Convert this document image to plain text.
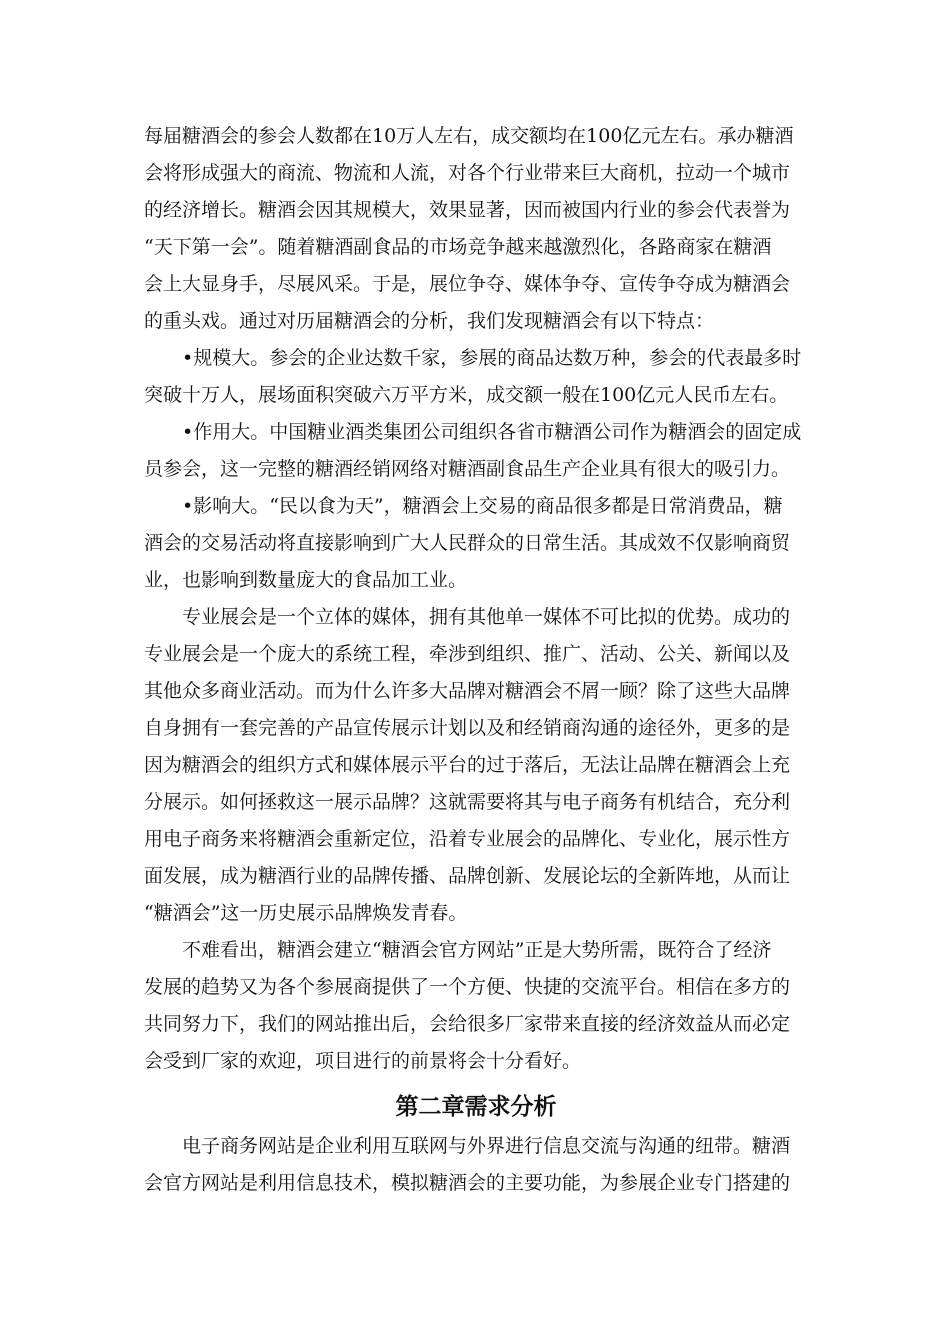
每届糖酒会的参会人数都在10万人左右，成交额均在100亿元左右。承办糖酒
会将形成强大的商流、物流和人流，对各个行业带来巨大商机，拉动一个城市
的经济增长。糖酒会因其规模大，效果显著，因而被国内行业的参会代表誉为
“天下第一会”。随着糖酒副食品的市场竞争越来越激烈化，各路商家在糖酒
会上大显身手，尽展风采。于是，展位争夺、媒体争夺、宣传争夺成为糖酒会
的重头戏。通过对历届糖酒会的分析，我们发现糖酒会有以下特点：

•规模大。参会的企业达数千家，参展的商品达数万种，参会的代表最多时
突破十万人，展场面积突破六万平方米，成交额一般在100亿元人民币左右。

•作用大。中国糖业酒类集团公司组织各省市糖酒公司作为糖酒会的固定成
员参会，这一完整的糖酒经销网络对糖酒副食品生产企业具有很大的吸引力。

•影响大。“民以食为天”，糖酒会上交易的商品很多都是日常消费品，糖
酒会的交易活动将直接影响到广大人民群众的日常生活。其成效不仅影响商贸
业，也影响到数量庞大的食品加工业。

专业展会是一个立体的媒体，拥有其他单一媒体不可比拟的优势。成功的
专业展会是一个庞大的系统工程，牵涉到组织、推广、活动、公关、新闻以及
其他众多商业活动。而为什么许多大品牌对糖酒会不屑一顾？除了这些大品牌
自身拥有一套完善的产品宣传展示计划以及和经销商沟通的途径外，更多的是
因为糖酒会的组织方式和媒体展示平台的过于落后，无法让品牌在糖酒会上充
分展示。如何拯救这一展示品牌？这就需要将其与电子商务有机结合，充分利
用电子商务来将糖酒会重新定位，沿着专业展会的品牌化、专业化，展示性方
面发展，成为糖酒行业的品牌传播、品牌创新、发展论坛的全新阵地，从而让
“糖酒会”这一历史展示品牌焕发青春。

不难看出，糖酒会建立“糖酒会官方网站”正是大势所需，既符合了经济
发展的趋势又为各个参展商提供了一个方便、快捷的交流平台。相信在多方的
共同努力下，我们的网站推出后，会给很多厂家带来直接的经济效益从而必定
会受到厂家的欢迎，项目进行的前景将会十分看好。

第二章需求分析

电子商务网站是企业利用互联网与外界进行信息交流与沟通的纽带。糖酒
会官方网站是利用信息技术，模拟糖酒会的主要功能，为参展企业专门搭建的
